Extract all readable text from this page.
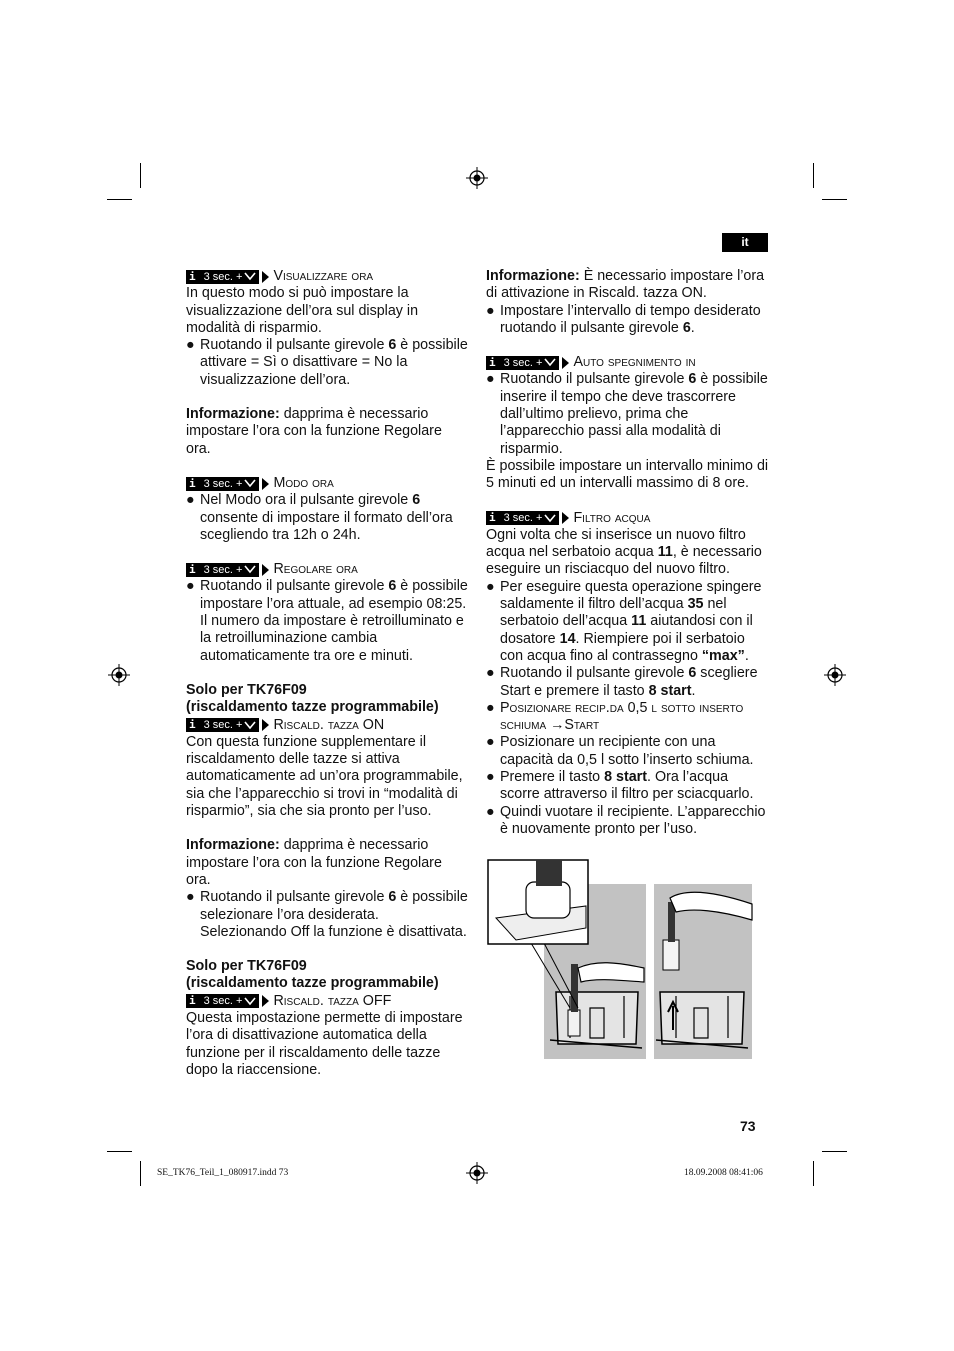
it
i 3 sec. + Visualizzare ora

In questo modo si può impostare la visualizzazione dell’ora sul display in modalità di risparmio.

● Ruotando il pulsante girevole 6 è possibile attivare = Sì o disattivare = No la visualizzazione dell’ora.

Informazione: dapprima è necessario impostare l’ora con la funzione Regolare ora.

i 3 sec. + Modo ora

● Nel Modo ora il pulsante girevole 6 consente di impostare il formato dell’ora scegliendo tra 12h o 24h.

i 3 sec. + Regolare ora

● Ruotando il pulsante girevole 6 è possibile impostare l’ora attuale, ad esempio 08:25. Il numero da impostare è retroilluminato e la retroilluminazione cambia automaticamente tra ore e minuti.

Solo per TK76F09

(riscaldamento tazze programmabile)

i 3 sec. + Riscald. tazza ON

Con questa funzione supplementare il riscaldamento delle tazze si attiva automaticamente ad un’ora programmabile, sia che l’apparecchio si trovi in “modalità di risparmio”, sia che sia pronto per l’uso.

Informazione: dapprima è necessario impostare l’ora con la funzione Regolare ora.

● Ruotando il pulsante girevole 6 è possibile selezionare l’ora desiderata. Selezionando Off la funzione è disattivata.

Solo per TK76F09

(riscaldamento tazze programmabile)

i 3 sec. + Riscald. tazza OFF

Questa impostazione permette di impostare l’ora di disattivazione automatica della funzione per il riscaldamento delle tazze dopo la riaccensione.

Informazione: È necessario impostare l’ora di attivazione in Riscald. tazza ON.

● Impostare l’intervallo di tempo desiderato ruotando il pulsante girevole 6.

i 3 sec. + Auto spegnimento in

● Ruotando il pulsante girevole 6 è possibile inserire il tempo che deve trascorrere dall’ultimo prelievo, prima che l’apparecchio passi alla modalità di risparmio.

È possibile impostare un intervallo minimo di 5 minuti ed un intervalli massimo di 8 ore.

i 3 sec. + Filtro acqua

Ogni volta che si inserisce un nuovo filtro acqua nel serbatoio acqua 11, è necessario eseguire un risciacquo del nuovo filtro.

● Per eseguire questa operazione spingere saldamente il filtro dell’acqua 35 nel serbatoio dell’acqua 11 aiutandosi con il dosatore 14. Riempiere poi il serbatoio con acqua fino al contrassegno “max”.

● Ruotando il pulsante girevole 6 scegliere Start e premere il tasto 8 start.

● Posizionare recip.da 0,5 l sotto inserto schiuma →Start

● Posizionare un recipiente con una capacità da 0,5 l sotto l’inserto schiuma.

● Premere il tasto 8 start. Ora l’acqua scorre attraverso il filtro per sciacquarlo.

● Quindi vuotare il recipiente. L’apparecchio è nuovamente pronto per l’uso.

73
SE_TK76_Teil_1_080917.indd 73	18.09.2008 08:41:06
